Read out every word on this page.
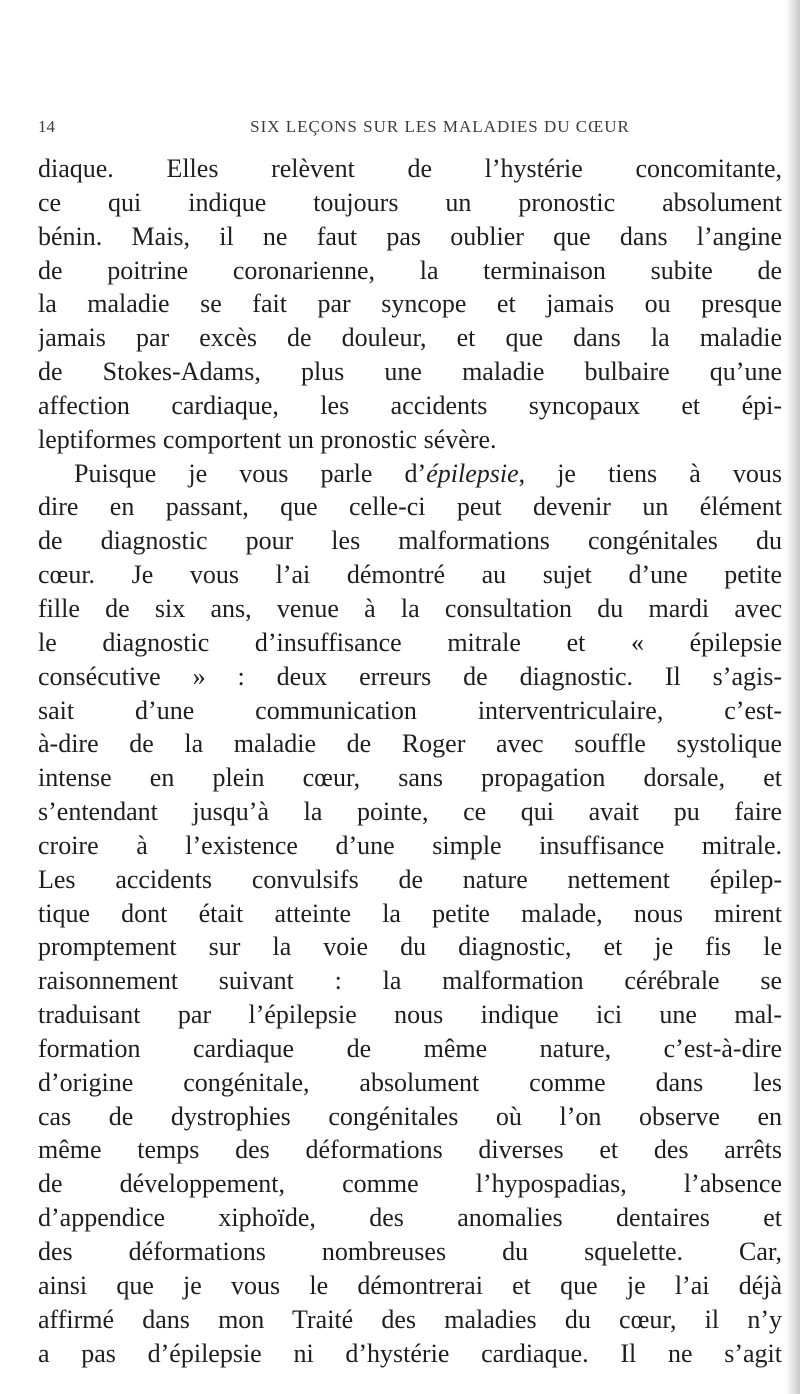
14	SIX LEÇONS SUR LES MALADIES DU CŒUR
diaque. Elles relèvent de l’hystérie concomitante,
ce qui indique toujours un pronostic absolument
bénin. Mais, il ne faut pas oublier que dans l’angine
de poitrine coronarienne, la terminaison subite de
la maladie se fait par syncope et jamais ou presque
jamais par excès de douleur, et que dans la maladie
de Stokes-Adams, plus une maladie bulbaire qu’une
affection cardiaque, les accidents syncopaux et épi-
leptiformes comportent un pronostic sévère.
Puisque je vous parle d’épilepsie, je tiens à vous
dire en passant, que celle-ci peut devenir un élément
de diagnostic pour les malformations congénitales du
cœur. Je vous l’ai démontré au sujet d’une petite
fille de six ans, venue à la consultation du mardi avec
le diagnostic d’insuffisance mitrale et « épilepsie
consécutive » : deux erreurs de diagnostic. Il s’agis-
sait d’une communication interventriculaire, c’est-
à-dire de la maladie de Roger avec souffle systolique
intense en plein cœur, sans propagation dorsale, et
s’entendant jusqu’à la pointe, ce qui avait pu faire
croire à l’existence d’une simple insuffisance mitrale.
Les accidents convulsifs de nature nettement épilep-
tique dont était atteinte la petite malade, nous mirent
promptement sur la voie du diagnostic, et je fis le
raisonnement suivant : la malformation cérébrale se
traduisant par l’épilepsie nous indique ici une mal-
formation cardiaque de même nature, c’est-à-dire
d’origine congénitale, absolument comme dans les
cas de dystrophies congénitales où l’on observe en
même temps des déformations diverses et des arrêts
de développement, comme l’hypospadias, l’absence
d’appendice xiphoïde, des anomalies dentaires et
des déformations nombreuses du squelette. Car,
ainsi que je vous le démontrerai et que je l’ai déjà
affirmé dans mon Traité des maladies du cœur, il n’y
a pas d’épilepsie ni d’hystérie cardiaque. Il ne s’agit
